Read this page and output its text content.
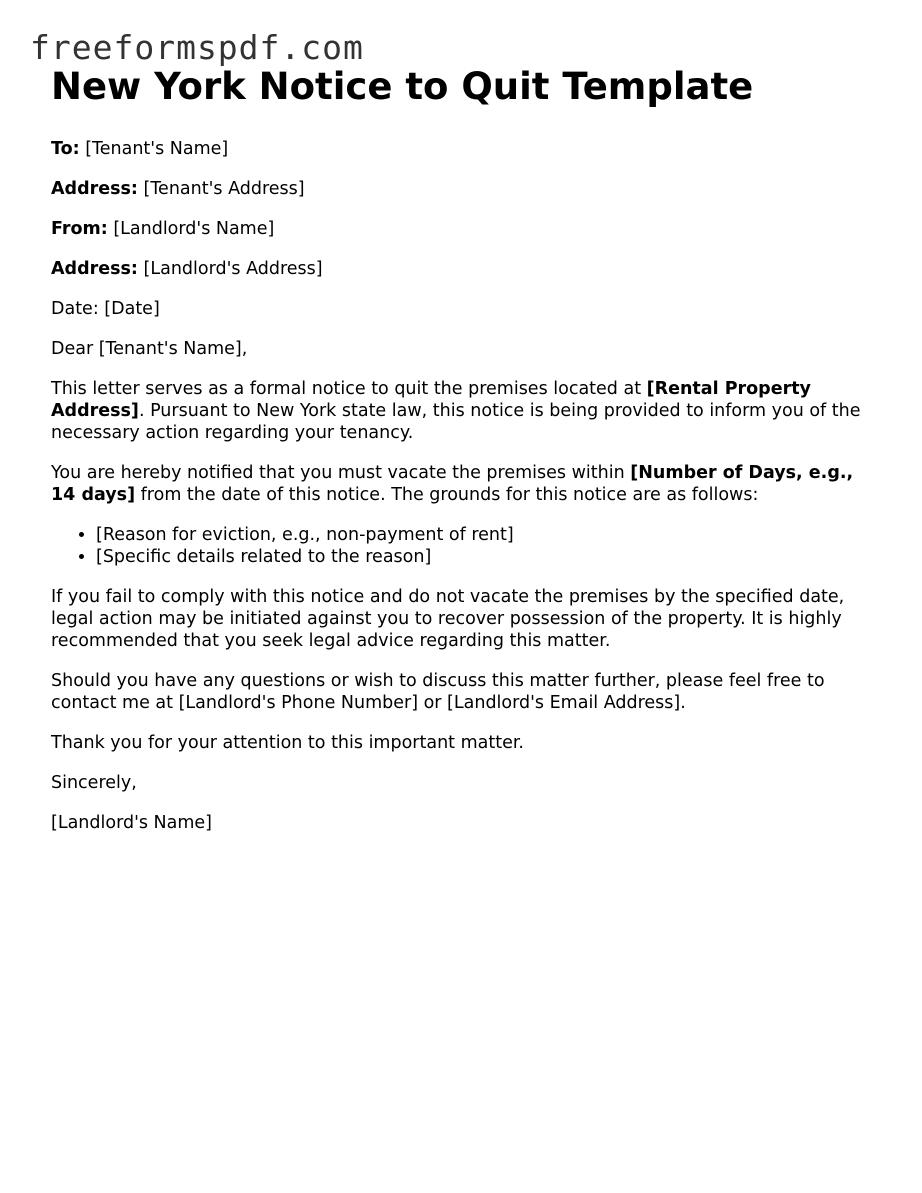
freeformspdf.com
New York Notice to Quit Template

To: [Tenant's Name]

Address: [Tenant's Address]

From: [Landlord's Name]

Address: [Landlord's Address]

Date: [Date]

Dear [Tenant's Name],

This letter serves as a formal notice to quit the premises located at [Rental Property Address]. Pursuant to New York state law, this notice is being provided to inform you of the necessary action regarding your tenancy.

You are hereby notified that you must vacate the premises within [Number of Days, e.g., 14 days] from the date of this notice. The grounds for this notice are as follows:

• [Reason for eviction, e.g., non-payment of rent]
• [Specific details related to the reason]

If you fail to comply with this notice and do not vacate the premises by the specified date, legal action may be initiated against you to recover possession of the property. It is highly recommended that you seek legal advice regarding this matter.

Should you have any questions or wish to discuss this matter further, please feel free to contact me at [Landlord's Phone Number] or [Landlord's Email Address].

Thank you for your attention to this important matter.

Sincerely,

[Landlord's Name]
